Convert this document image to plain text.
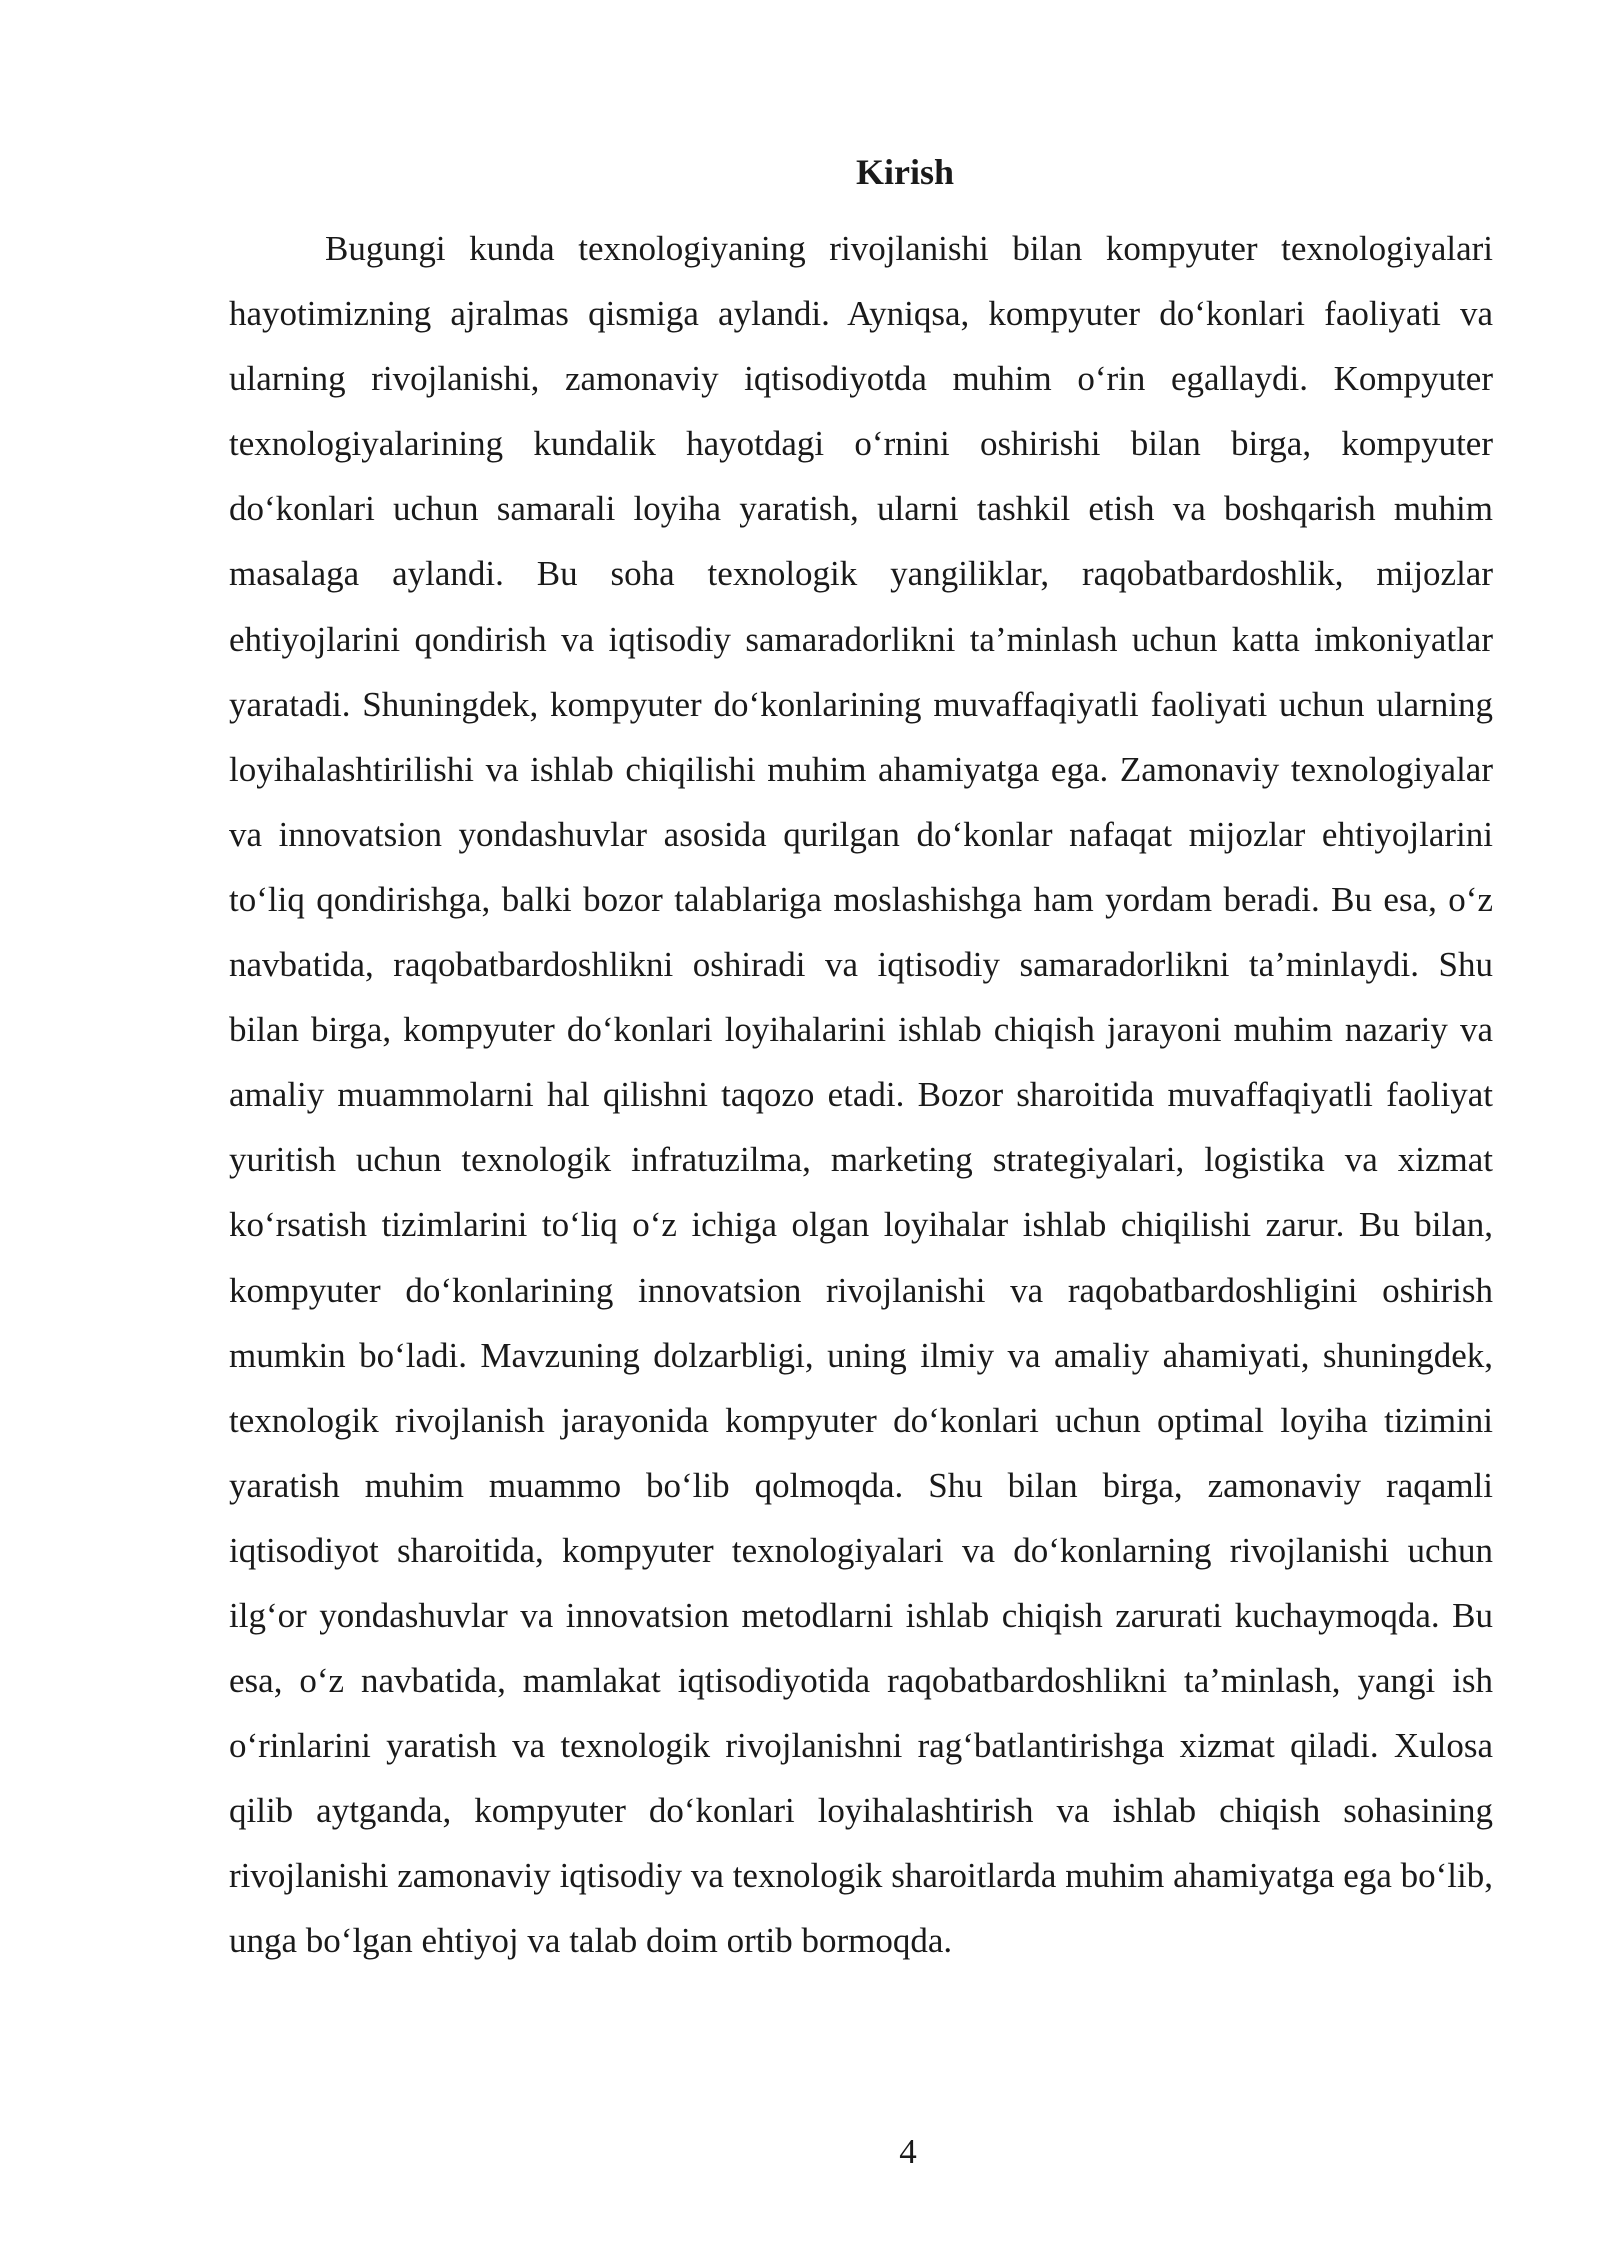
Kirish

Bugungi kunda texnologiyaning rivojlanishi bilan kompyuter texnologiyalari hayotimizning ajralmas qismiga aylandi. Ayniqsa, kompyuter do‘konlari faoliyati va ularning rivojlanishi, zamonaviy iqtisodiyotda muhim o‘rin egallaydi. Kompyuter texnologiyalarining kundalik hayotdagi o‘rnini oshirishi bilan birga, kompyuter do‘konlari uchun samarali loyiha yaratish, ularni tashkil etish va boshqarish muhim masalaga aylandi. Bu soha texnologik yangiliklar, raqobatbardoshlik, mijozlar ehtiyojlarini qondirish va iqtisodiy samaradorlikni ta’minlash uchun katta imkoniyatlar yaratadi. Shuningdek, kompyuter do‘konlarining muvaffaqiyatli faoliyati uchun ularning loyihalashtirilishi va ishlab chiqilishi muhim ahamiyatga ega. Zamonaviy texnologiyalar va innovatsion yondashuvlar asosida qurilgan do‘konlar nafaqat mijozlar ehtiyojlarini to‘liq qondirishga, balki bozor talablariga moslashishga ham yordam beradi. Bu esa, o‘z navbatida, raqobatbardoshlikni oshiradi va iqtisodiy samaradorlikni ta’minlaydi. Shu bilan birga, kompyuter do‘konlari loyihalarini ishlab chiqish jarayoni muhim nazariy va amaliy muammolarni hal qilishni taqozo etadi. Bozor sharoitida muvaffaqiyatli faoliyat yuritish uchun texnologik infratuzilma, marketing strategiyalari, logistika va xizmat ko‘rsatish tizimlarini to‘liq o‘z ichiga olgan loyihalar ishlab chiqilishi zarur. Bu bilan, kompyuter do‘konlarining innovatsion rivojlanishi va raqobatbardoshligini oshirish mumkin bo‘ladi. Mavzuning dolzarbligi, uning ilmiy va amaliy ahamiyati, shuningdek, texnologik rivojlanish jarayonida kompyuter do‘konlari uchun optimal loyiha tizimini yaratish muhim muammo bo‘lib qolmoqda. Shu bilan birga, zamonaviy raqamli iqtisodiyot sharoitida, kompyuter texnologiyalari va do‘konlarning rivojlanishi uchun ilg‘or yondashuvlar va innovatsion metodlarni ishlab chiqish zarurati kuchaymoqda. Bu esa, o‘z navbatida, mamlakat iqtisodiyotida raqobatbardoshlikni ta’minlash, yangi ish o‘rinlarini yaratish va texnologik rivojlanishni rag‘batlantirishga xizmat qiladi. Xulosa qilib aytganda, kompyuter do‘konlari loyihalashtirish va ishlab chiqish sohasining rivojlanishi zamonaviy iqtisodiy va texnologik sharoitlarda muhim ahamiyatga ega bo‘lib, unga bo‘lgan ehtiyoj va talab doim ortib bormoqda.

4
